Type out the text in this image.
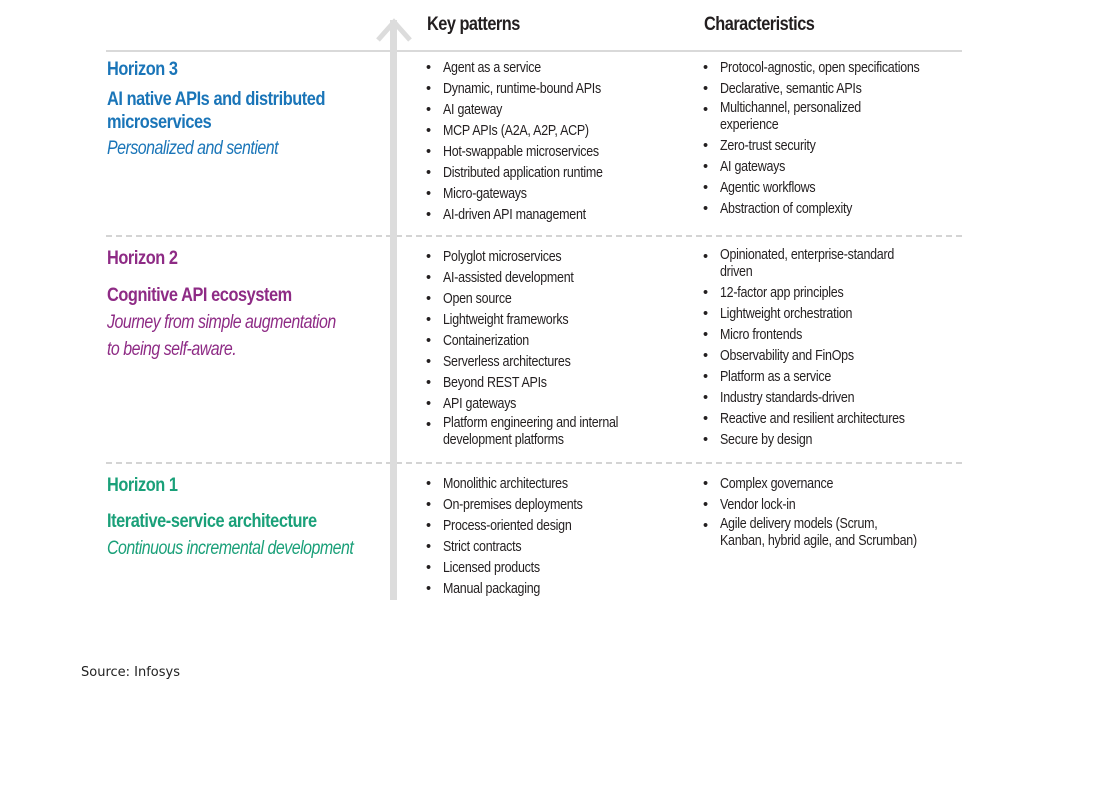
Key patterns	Characteristics
Horizon 3
AI native APIs and distributed microservices
Personalized and sentient
• Agent as a service
• Dynamic, runtime-bound APIs
• AI gateway
• MCP APIs (A2A, A2P, ACP)
• Hot-swappable microservices
• Distributed application runtime
• Micro-gateways
• AI-driven API management
• Protocol-agnostic, open specifications
• Declarative, semantic APIs
• Multichannel, personalized experience
• Zero-trust security
• AI gateways
• Agentic workflows
• Abstraction of complexity
Horizon 2
Cognitive API ecosystem
Journey from simple augmentation to being self-aware.
• Polyglot microservices
• AI-assisted development
• Open source
• Lightweight frameworks
• Containerization
• Serverless architectures
• Beyond REST APIs
• API gateways
• Platform engineering and internal development platforms
• Opinionated, enterprise-standard driven
• 12-factor app principles
• Lightweight orchestration
• Micro frontends
• Observability and FinOps
• Platform as a service
• Industry standards-driven
• Reactive and resilient architectures
• Secure by design
Horizon 1
Iterative-service architecture
Continuous incremental development
• Monolithic architectures
• On-premises deployments
• Process-oriented design
• Strict contracts
• Licensed products
• Manual packaging
• Complex governance
• Vendor lock-in
• Agile delivery models (Scrum, Kanban, hybrid agile, and Scrumban)
Source: Infosys
